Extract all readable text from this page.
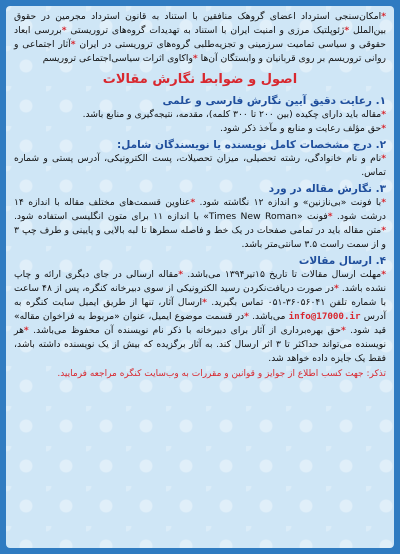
*امکان‌سنجی استرداد اعضای گروهک منافقین با استناد به قانون استرداد مجرمین در حقوق بین‌الملل *ژئوپلتیک مرزی و امنیت ایران با استناد به تهدیدات گروه‌های تروریستی *بررسی ابعاد حقوقی و سیاسی تمامیت سرزمینی و تجزیه‌طلبی گروه‌های تروریستی در ایران *آثار اجتماعی و روانی تروریسم بر روی قربانیان و وابستگان آن‌ها *واکاوی اثرات سیاسی‌اجتماعی تروریسم

اصول و ضوابط نگارش مقالات
۱. رعایت دقیق آیین نگارش فارسی و علمی

*مقاله باید دارای چکیده (بین ۲۰۰ تا ۳۰۰ کلمه)، مقدمه، نتیجه‌گیری و منابع باشد.
*حق مؤلف رعایت و منابع و مآخذ ذکر شود.

۲. درج مشخصات کامل نویسنده یا نویسندگان شامل:

*نام و نام خانوادگی، رشته تحصیلی، میزان تحصیلات، پست الکترونیکی، آدرس پستی و شماره تماس.

۳. نگارش مقاله در ورد

*با فونت «بی‌نازنین» و اندازه ۱۲ نگاشته شود. *عناوین قسمت‌های مختلف مقاله با اندازه ۱۴ درشت شود. *فونت «Times New Roman» با اندازه ۱۱ برای متون انگلیسی استفاده شود. *متن مقاله باید در تمامی صفحات در یک خط و فاصله سطرها تا لبه بالایی و پایینی و طرف چپ ۳ و از سمت راست ۳.۵ سانتی‌متر باشد.

۴. ارسال مقالات

*مهلت ارسال مقالات تا تاریخ ۱۵تیر۱۳۹۴ می‌باشد. *مقاله ارسالی در جای دیگری ارائه و چاپ نشده باشد. *در صورت دریافت‌نکردن رسید الکترونیکی از سوی دبیرخانه کنگره، پس از ۴۸ ساعت با شماره تلفن ۳۶۰۵۶۰۴۱-۰۵۱ تماس بگیرید. *ارسال آثار، تنها از طریق ایمیل سایت کنگره به آدرس info@17000.ir می‌باشد. *در قسمت موضوع ایمیل، عنوان «مربوط به فراخوان مقاله» قید شود. *حق بهره‌برداری از آثار برای دبیرخانه با ذکر نام نویسنده آن محفوظ می‌باشد. *هر نویسنده می‌تواند حداکثر تا ۳ اثر ارسال کند. به آثار برگزیده که بیش از یک نویسنده داشته باشد، فقط یک جایزه داده خواهد شد.

تذکر: جهت کسب اطلاع از جوایز و قوانین و مقررات به وب‌سایت کنگره مراجعه فرمایید.
